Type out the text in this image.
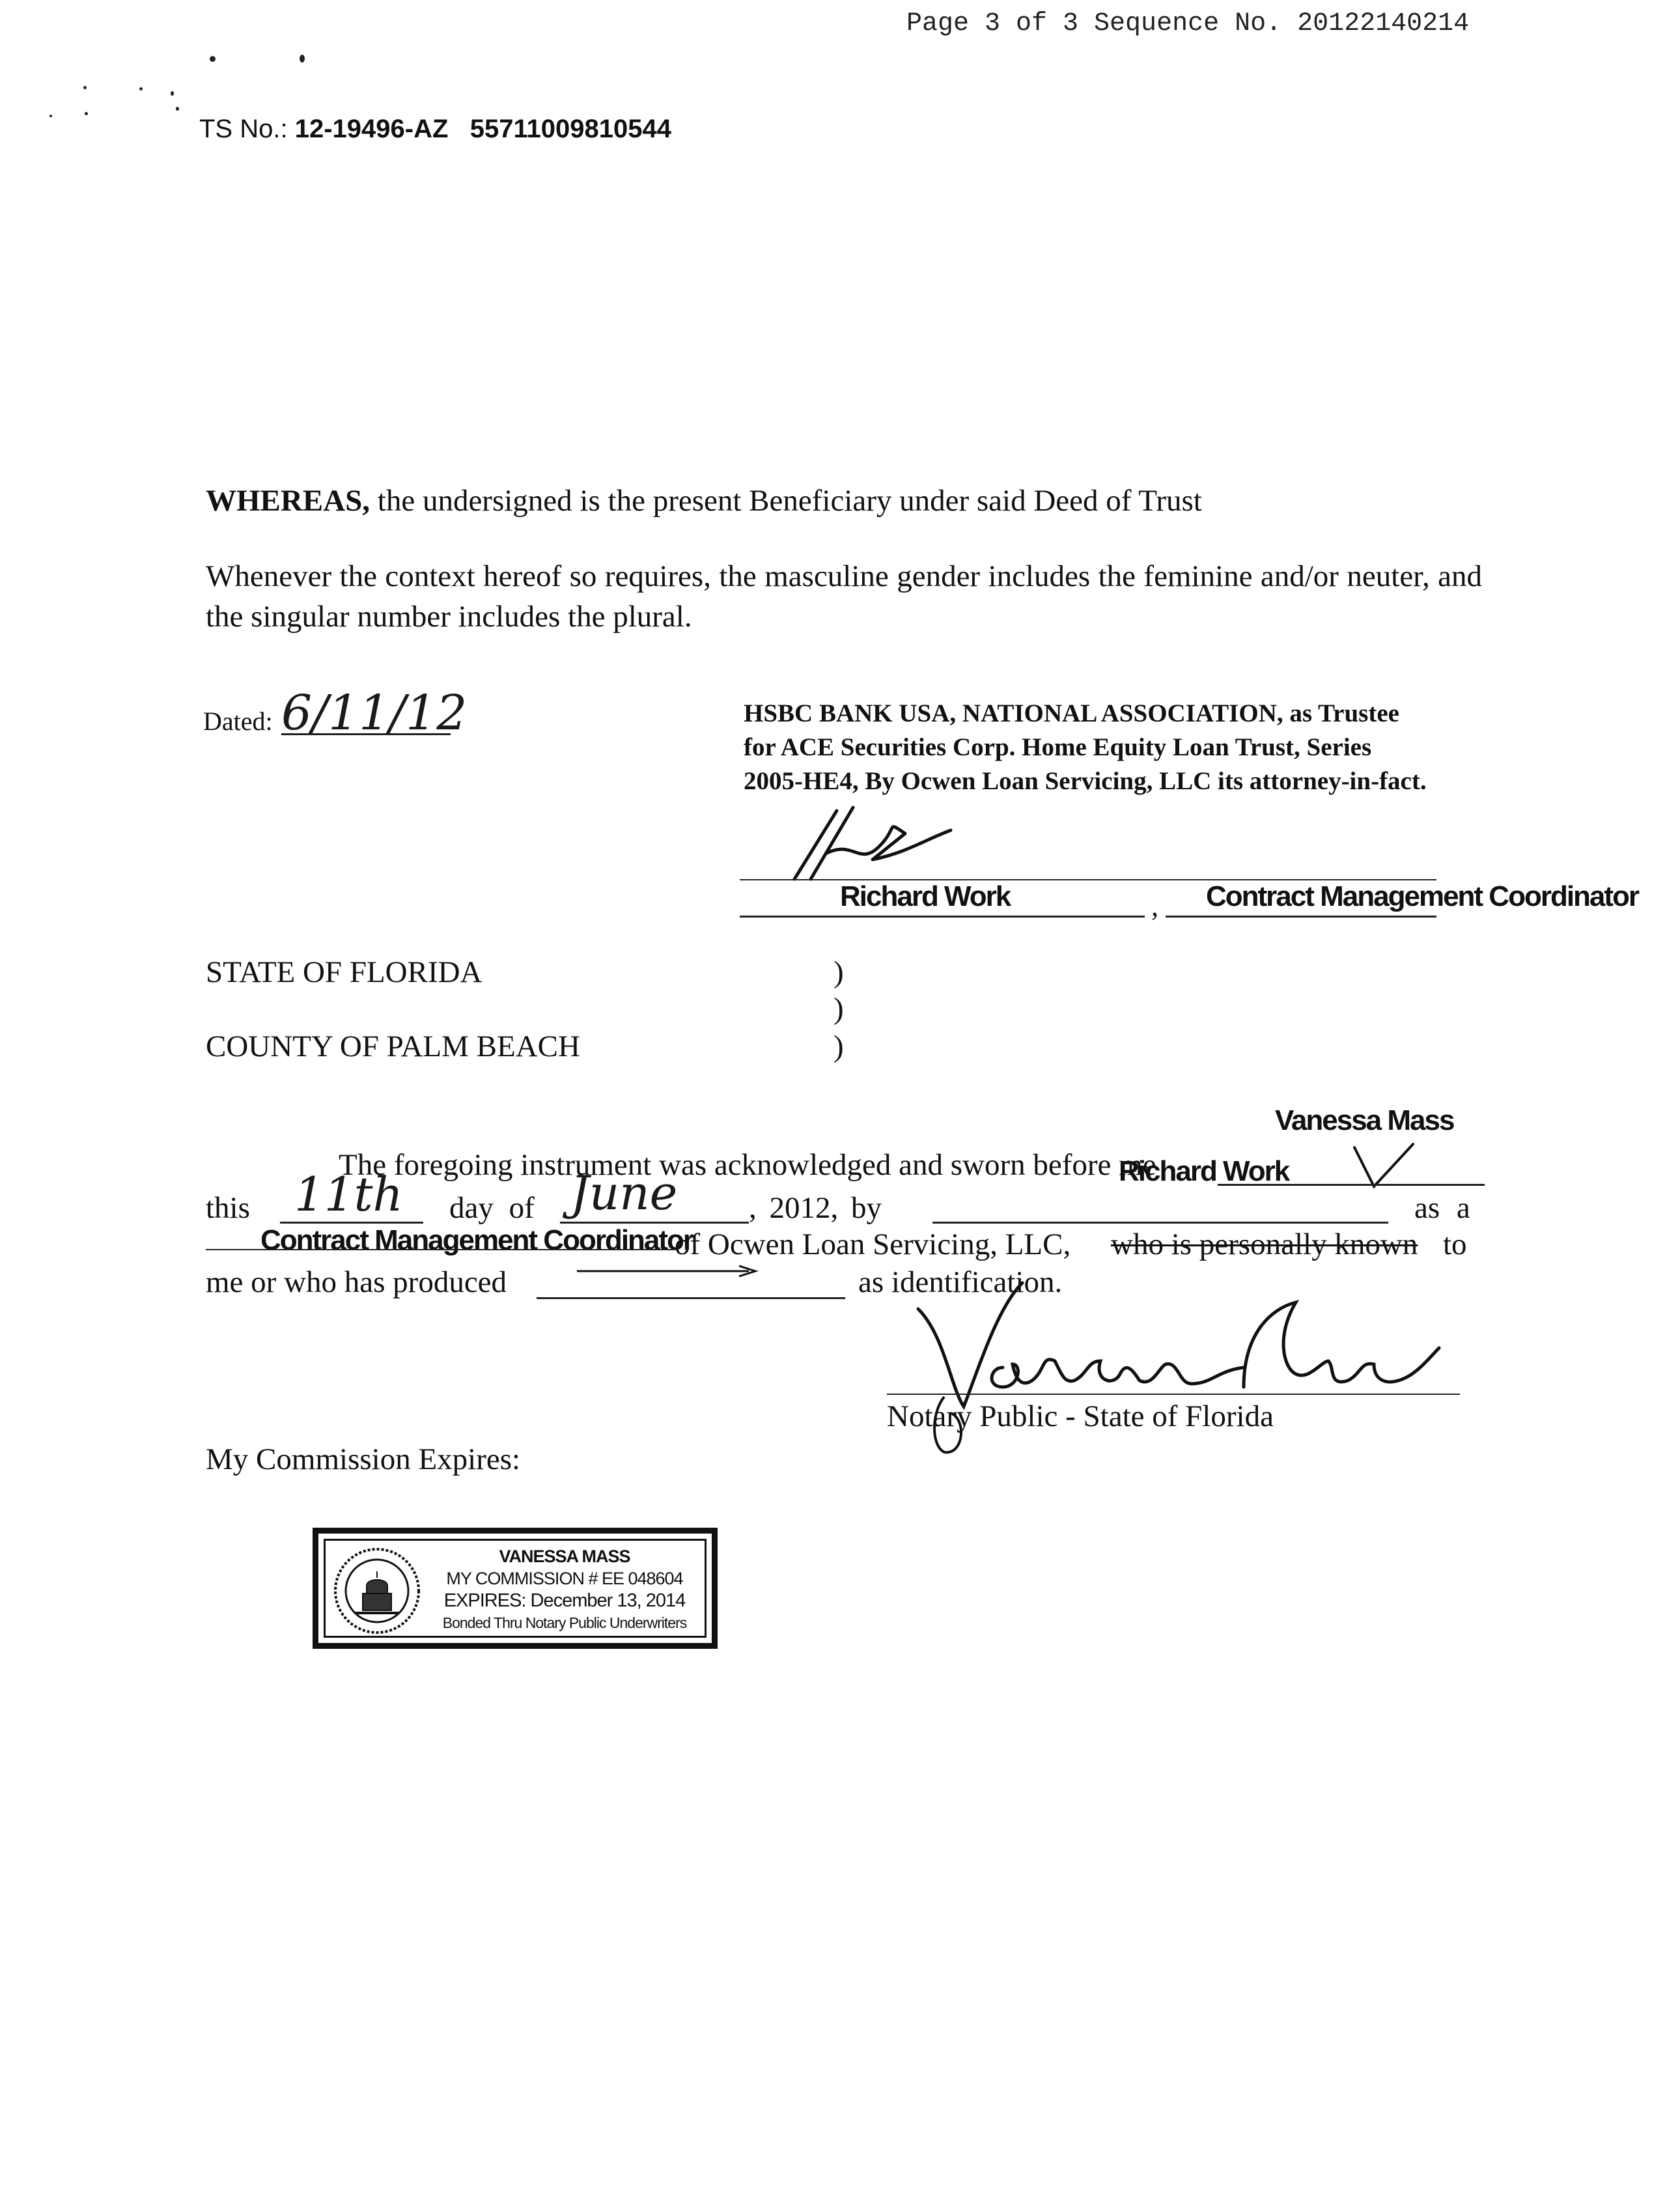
Page 3 of 3 Sequence No. 20122140214
TS No.: 12-19496-AZ 55711009810544
WHEREAS, the undersigned is the present Beneficiary under said Deed of Trust
Whenever the context hereof so requires, the masculine gender includes the feminine and/or neuter, and the singular number includes the plural.
Dated: 6/11/12	HSBC BANK USA, NATIONAL ASSOCIATION, as Trustee
for ACE Securities Corp. Home Equity Loan Trust, Series
2005-HE4, By Ocwen Loan Servicing, LLC its attorney-in-fact.
Richard Work	, Contract Management Coordinator
STATE OF FLORIDA
COUNTY OF PALM BEACH
)
)
)
Vanessa Mass
The foregoing instrument was acknowledged and sworn before me
this 11th day of June , 2012, by
Richard Work
as a
Contract Management Coordinator
of Ocwen Loan Servicing, LLC, who is personally known to
me or who has produced	as identification.
Notary Public - State of Florida
My Commission Expires:
VANESSA MASS
MY COMMISSION # EE 048604
EXPIRES: December 13, 2014
Bonded Thru Notary Public Underwriters
